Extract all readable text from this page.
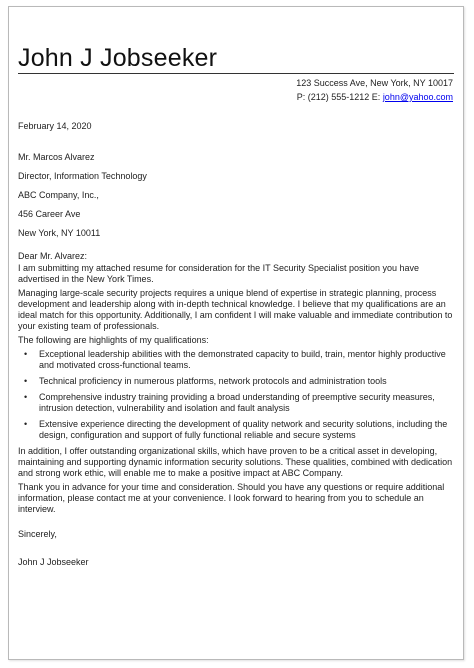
John J Jobseeker
123 Success Ave, New York, NY 10017
P: (212) 555-1212 E: john@yahoo.com
February 14, 2020
Mr. Marcos Alvarez
Director, Information Technology
ABC Company, Inc.,
456 Career Ave
New York, NY 10011
Dear Mr. Alvarez:

I am submitting my attached resume for consideration for the IT Security Specialist position you have advertised in the New York Times.

Managing large-scale security projects requires a unique blend of expertise in strategic planning, process development and leadership along with in-depth technical knowledge. I believe that my qualifications are an ideal match for this opportunity. Additionally, I am confident I will make valuable and immediate contribution to your existing team of professionals.

The following are highlights of my qualifications:

• Exceptional leadership abilities with the demonstrated capacity to build, train, mentor highly productive and motivated cross-functional teams.
• Technical proficiency in numerous platforms, network protocols and administration tools
• Comprehensive industry training providing a broad understanding of preemptive security measures, intrusion detection, vulnerability and isolation and fault analysis
• Extensive experience directing the development of quality network and security solutions, including the design, configuration and support of fully functional reliable and secure systems

In addition, I offer outstanding organizational skills, which have proven to be a critical asset in developing, maintaining and supporting dynamic information security solutions. These qualities, combined with dedication and strong work ethic, will enable me to make a positive impact at ABC Company.

Thank you in advance for your time and consideration. Should you have any questions or require additional information, please contact me at your convenience. I look forward to hearing from you to schedule an interview.

Sincerely,
John J Jobseeker
